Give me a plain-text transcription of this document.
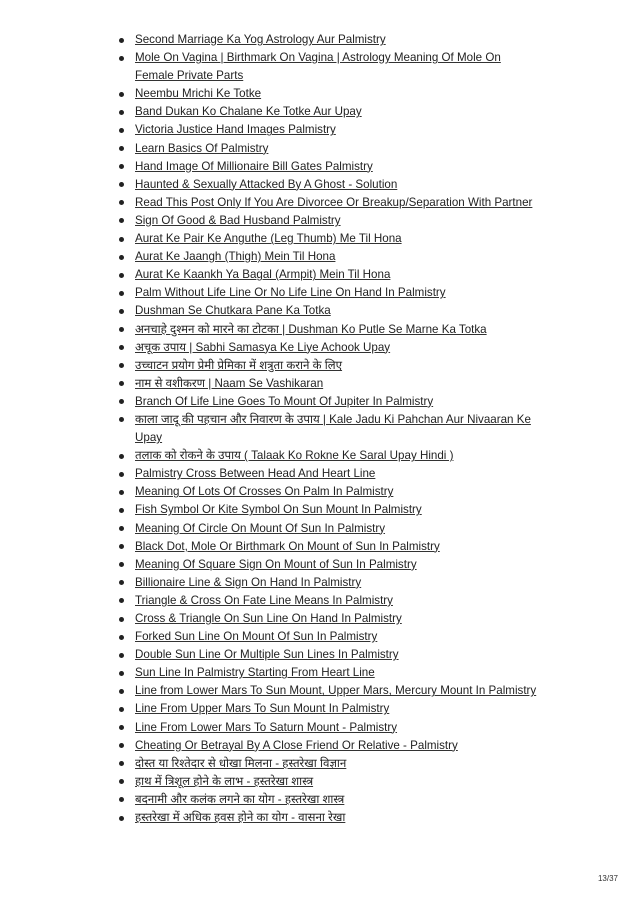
Second Marriage Ka Yog Astrology Aur Palmistry
Mole On Vagina | Birthmark On Vagina | Astrology Meaning Of Mole On Female Private Parts
Neembu Mrichi Ke Totke
Band Dukan Ko Chalane Ke Totke Aur Upay
Victoria Justice Hand Images Palmistry
Learn Basics Of Palmistry
Hand Image Of Millionaire Bill Gates Palmistry
Haunted & Sexually Attacked By A Ghost - Solution
Read This Post Only If You Are Divorcee Or Breakup/Separation With Partner
Sign Of Good & Bad Husband Palmistry
Aurat Ke Pair Ke Anguthe (Leg Thumb) Me Til Hona
Aurat Ke Jaangh (Thigh) Mein Til Hona
Aurat Ke Kaankh Ya Bagal (Armpit) Mein Til Hona
Palm Without Life Line Or No Life Line On Hand In Palmistry
Dushman Se Chutkara Pane Ka Totka
अनचाहे दुश्मन को मारने का टोटका | Dushman Ko Putle Se Marne Ka Totka
अचूक उपाय | Sabhi Samasya Ke Liye Achook Upay
उच्चाटन प्रयोग प्रेमी प्रेमिका में शत्रुता कराने के लिए
नाम से वशीकरण | Naam Se Vashikaran
Branch Of Life Line Goes To Mount Of Jupiter In Palmistry
काला जादू की पहचान और निवारण के उपाय | Kale Jadu Ki Pahchan Aur Nivaaran Ke Upay
तलाक को रोकने के उपाय ( Talaak Ko Rokne Ke Saral Upay Hindi )
Palmistry Cross Between Head And Heart Line
Meaning Of Lots Of Crosses On Palm In Palmistry
Fish Symbol Or Kite Symbol On Sun Mount In Palmistry
Meaning Of Circle On Mount Of Sun In Palmistry
Black Dot, Mole Or Birthmark On Mount of Sun In Palmistry
Meaning Of Square Sign On Mount of Sun In Palmistry
Billionaire Line & Sign On Hand In Palmistry
Triangle & Cross On Fate Line Means In Palmistry
Cross & Triangle On Sun Line On Hand In Palmistry
Forked Sun Line On Mount Of Sun In Palmistry
Double Sun Line Or Multiple Sun Lines In Palmistry
Sun Line In Palmistry Starting From Heart Line
Line from Lower Mars To Sun Mount, Upper Mars, Mercury Mount In Palmistry
Line From Upper Mars To Sun Mount In Palmistry
Line From Lower Mars To Saturn Mount - Palmistry
Cheating Or Betrayal By A Close Friend Or Relative - Palmistry
दोस्त या रिश्तेदार से धोखा मिलना - हस्तरेखा विज्ञान
हाथ में त्रिशूल होने के लाभ - हस्तरेखा शास्त्र
बदनामी और कलंक लगने का योग - हस्तरेखा शास्त्र
हस्तरेखा में अधिक हवस होने का योग - वासना रेखा
13/37
